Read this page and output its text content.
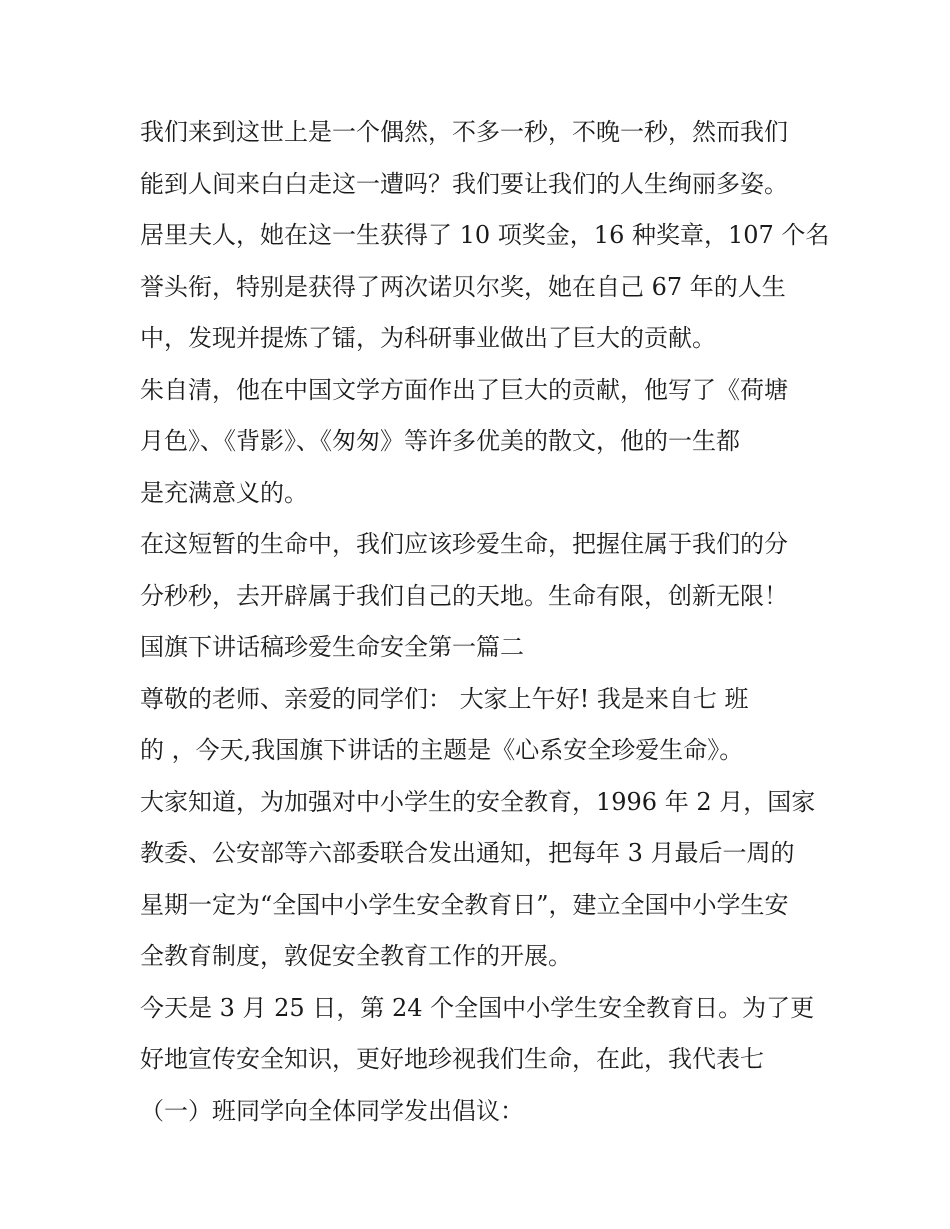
我们来到这世上是一个偶然，不多一秒，不晚一秒，然而我们
能到人间来白白走这一遭吗？我们要让我们的人生绚丽多姿。
居里夫人，她在这一生获得了 10 项奖金，16 种奖章，107 个名
誉头衔，特别是获得了两次诺贝尔奖，她在自己 67 年的人生
中，发现并提炼了镭，为科研事业做出了巨大的贡献。
朱自清，他在中国文学方面作出了巨大的贡献，他写了《荷塘
月色》、《背影》、《匆匆》等许多优美的散文，他的一生都
是充满意义的。
在这短暂的生命中，我们应该珍爱生命，把握住属于我们的分
分秒秒，去开辟属于我们自己的天地。生命有限，创新无限！
国旗下讲话稿珍爱生命安全第一篇二
尊敬的老师、亲爱的同学们： 大家上午好! 我是来自七 班
的 ，今天,我国旗下讲话的主题是《心系安全珍爱生命》。
大家知道，为加强对中小学生的安全教育，1996 年 2 月，国家
教委、公安部等六部委联合发出通知，把每年 3 月最后一周的
星期一定为“全国中小学生安全教育日”，建立全国中小学生安
全教育制度，敦促安全教育工作的开展。
今天是 3 月 25 日，第 24 个全国中小学生安全教育日。为了更
好地宣传安全知识，更好地珍视我们生命，在此，我代表七
（一）班同学向全体同学发出倡议：
